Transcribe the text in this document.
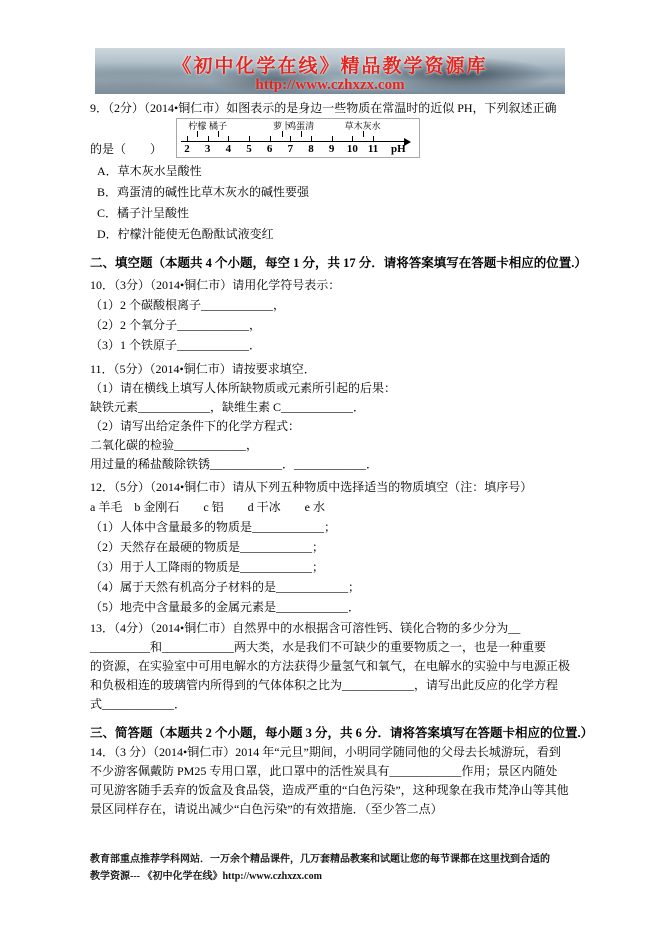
《初中化学在线》精品教学资源库
http://www.czhxzx.com

9．（2分）（2014•铜仁市）如图表示的是身边一些物质在常温时的近似 PH，下列叙述正确

的是（　　）	2	3	4	5	6	7	8	9	10 11	pH
柠檬 橘子	萝卜
鸡蛋清	草木灰水

A．草木灰水呈酸性

B．鸡蛋清的碱性比草木灰水的碱性要强

C．橘子汁呈酸性

D．柠檬汁能使无色酚酞试液变红

二、填空题（本题共 4 个小题，每空 1 分，共 17 分．请将答案填写在答题卡相应的位置.）

10．（3分）（2014•铜仁市）请用化学符号表示：

（1）2 个碳酸根离子____________，

（2）2 个氧分子____________，

（3）1 个铁原子____________．

11．（5分）（2014•铜仁市）请按要求填空．

（1）请在横线上填写人体所缺物质或元素所引起的后果：

缺铁元素____________，缺维生素 C____________．

（2）请写出给定条件下的化学方程式：

二氧化碳的检验____________，

用过量的稀盐酸除铁锈____________．____________．

12．（5分）（2014•铜仁市）请从下列五种物质中选择适当的物质填空（注：填序号）

a 羊毛　b 金刚石　　c 铝　　d 干冰　　e 水

（1）人体中含量最多的物质是____________；

（2）天然存在最硬的物质是____________；

（3）用于人工降雨的物质是____________；

（4）属于天然有机高分子材料的是____________；

（5）地壳中含量最多的金属元素是____________．

13．（4分）（2014•铜仁市）自然界中的水根据含可溶性钙、镁化合物的多少分为__

__________和____________两大类，水是我们不可缺少的重要物质之一，也是一种重要

的资源，在实验室中可用电解水的方法获得少量氢气和氧气，在电解水的实验中与电源正极

和负极相连的玻璃管内所得到的气体体积之比为____________，请写出此反应的化学方程

式____________．

三、简答题（本题共 2 个小题，每小题 3 分，共 6 分．请将答案填写在答题卡相应的位置.）

14．（3 分）（2014•铜仁市）2014 年“元旦”期间，小明同学随同他的父母去长城游玩，看到

不少游客佩戴防 PM25 专用口罩，此口罩中的活性炭具有____________作用；景区内随处

可见游客随手丢弃的饭盒及食品袋，造成严重的“白色污染”，这种现象在我市梵净山等其他

景区同样存在，请说出减少“白色污染”的有效措施．（至少答二点）

教育部重点推荐学科网站．一万余个精品课件，几万套精品教案和试题让您的每节课都在这里找到合适的

教学资源--- 《初中化学在线》http://www.czhxzx.com
